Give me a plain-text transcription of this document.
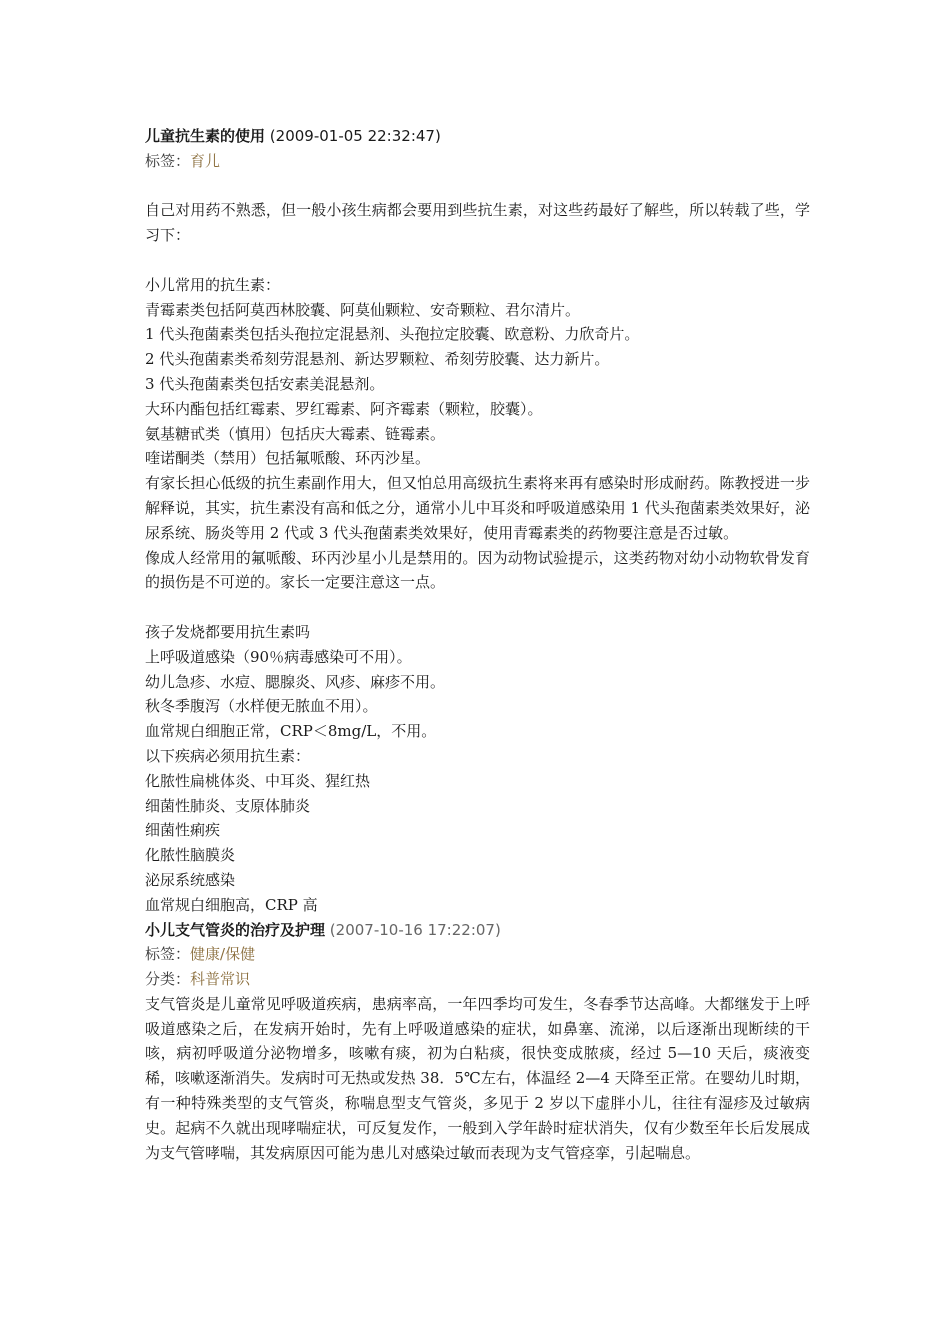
儿童抗生素的使用 (2009-01-05 22:32:47)

标签：育儿

自己对用药不熟悉，但一般小孩生病都会要用到些抗生素，对这些药最好了解些，所以转载了些，学习下：

小儿常用的抗生素：

青霉素类包括阿莫西林胶囊、阿莫仙颗粒、安奇颗粒、君尔清片。

1 代头孢菌素类包括头孢拉定混悬剂、头孢拉定胶囊、欧意粉、力欣奇片。

2 代头孢菌素类希刻劳混悬剂、新达罗颗粒、希刻劳胶囊、达力新片。

3 代头孢菌素类包括安素美混悬剂。

大环内酯包括红霉素、罗红霉素、阿齐霉素（颗粒，胶囊）。

氨基糖甙类（慎用）包括庆大霉素、链霉素。

喹诺酮类（禁用）包括氟哌酸、环丙沙星。

有家长担心低级的抗生素副作用大，但又怕总用高级抗生素将来再有感染时形成耐药。陈教授进一步解释说，其实，抗生素没有高和低之分，通常小儿中耳炎和呼吸道感染用 1 代头孢菌素类效果好，泌尿系统、肠炎等用 2 代或 3 代头孢菌素类效果好，使用青霉素类的药物要注意是否过敏。

像成人经常用的氟哌酸、环丙沙星小儿是禁用的。因为动物试验提示，这类药物对幼小动物软骨发育的损伤是不可逆的。家长一定要注意这一点。

孩子发烧都要用抗生素吗

上呼吸道感染（90％病毒感染可不用）。

幼儿急疹、水痘、腮腺炎、风疹、麻疹不用。

秋冬季腹泻（水样便无脓血不用）。

血常规白细胞正常，CRP＜8mg/L，不用。

以下疾病必须用抗生素：

化脓性扁桃体炎、中耳炎、猩红热

细菌性肺炎、支原体肺炎

细菌性痢疾

化脓性脑膜炎

泌尿系统感染

血常规白细胞高，CRP 高

小儿支气管炎的治疗及护理 (2007-10-16 17:22:07)

标签：健康/保健

分类：科普常识

支气管炎是儿童常见呼吸道疾病，患病率高，一年四季均可发生，冬春季节达高峰。大都继发于上呼吸道感染之后，在发病开始时，先有上呼吸道感染的症状，如鼻塞、流涕，以后逐渐出现断续的干咳，病初呼吸道分泌物增多，咳嗽有痰，初为白粘痰，很快变成脓痰，经过 5—10 天后，痰液变稀，咳嗽逐渐消失。发病时可无热或发热 38．5℃左右，体温经 2—4 天降至正常。在婴幼儿时期，有一种特殊类型的支气管炎，称喘息型支气管炎，多见于 2 岁以下虚胖小儿，往往有湿疹及过敏病史。起病不久就出现哮喘症状，可反复发作，一般到入学年龄时症状消失，仅有少数至年长后发展成为支气管哮喘，其发病原因可能为患儿对感染过敏而表现为支气管痉挛，引起喘息。
